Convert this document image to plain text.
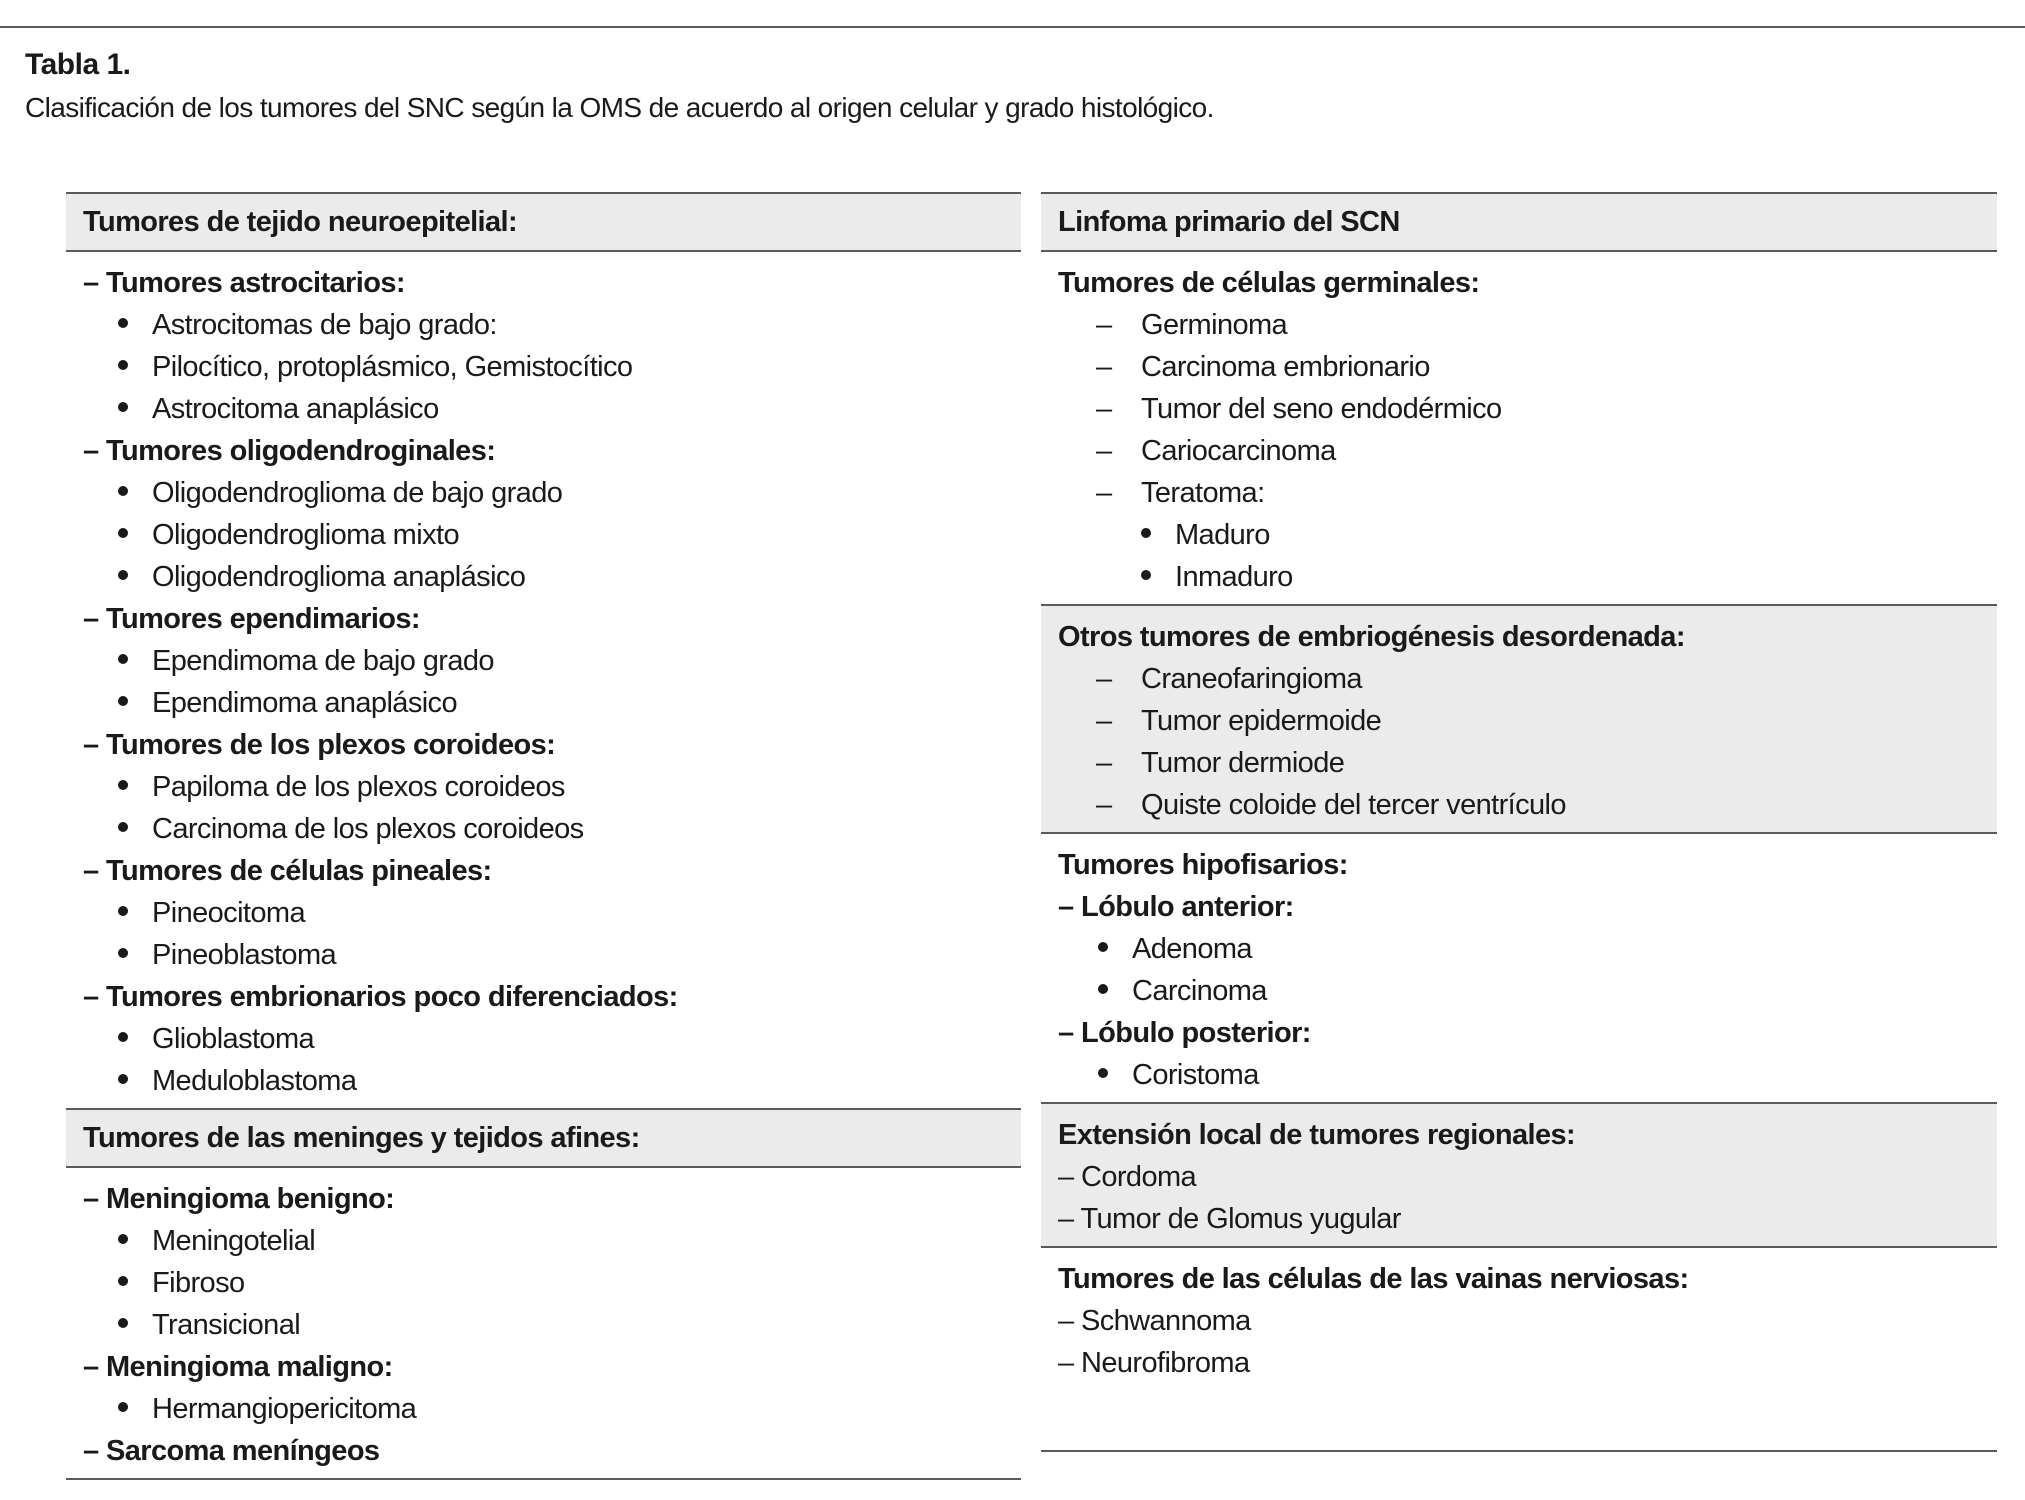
Tabla 1.
Clasificación de los tumores del SNC según la OMS de acuerdo al origen celular y grado histológico.
Tumores de tejido neuroepitelial:
– Tumores astrocitarios:
Astrocitomas de bajo grado:
Pilocítico, protoplásmico, Gemistocítico
Astrocitoma anaplásico
– Tumores oligodendroginales:
Oligodendroglioma de bajo grado
Oligodendroglioma mixto
Oligodendroglioma anaplásico
– Tumores ependimarios:
Ependimoma de bajo grado
Ependimoma anaplásico
– Tumores de los plexos coroideos:
Papiloma de los plexos coroideos
Carcinoma de los plexos coroideos
– Tumores de células pineales:
Pineocitoma
Pineoblastoma
– Tumores embrionarios poco diferenciados:
Glioblastoma
Meduloblastoma
Tumores de las meninges y tejidos afines:
– Meningioma benigno:
Meningotelial
Fibroso
Transicional
– Meningioma maligno:
Hermangiopericitoma
– Sarcoma meníngeos
Linfoma primario del SCN
Tumores de células germinales:
– Germinoma
– Carcinoma embrionario
– Tumor del seno endodérmico
– Cariocarcinoma
– Teratoma:
Maduro
Inmaduro
Otros tumores de embriogénesis desordenada:
– Craneofaringioma
– Tumor epidermoide
– Tumor dermiode
– Quiste coloide del tercer ventrículo
Tumores hipofisarios:
– Lóbulo anterior:
Adenoma
Carcinoma
– Lóbulo posterior:
Coristoma
Extensión local de tumores regionales:
– Cordoma
– Tumor de Glomus yugular
Tumores de las células de las vainas nerviosas:
– Schwannoma
– Neurofibroma
